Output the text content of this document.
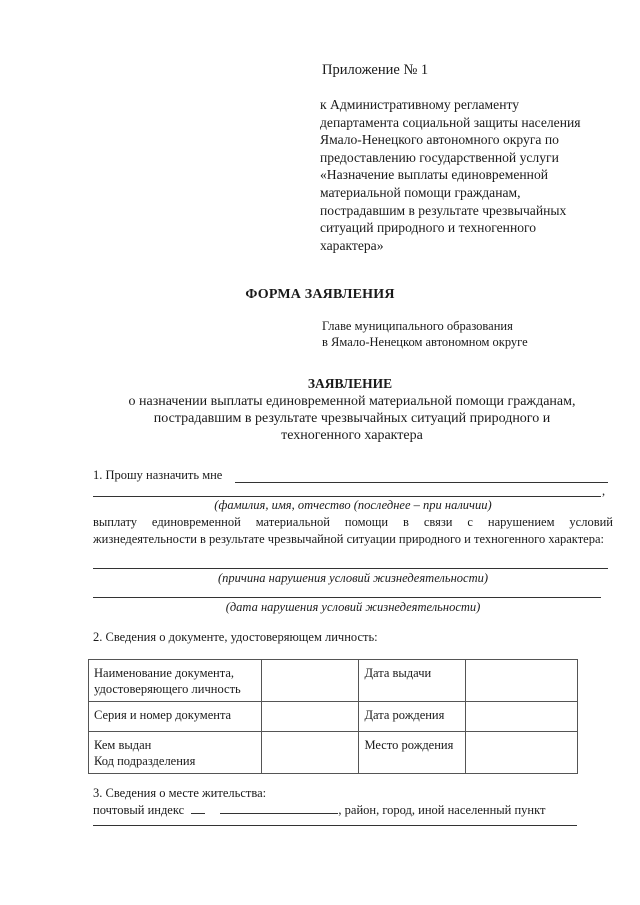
Приложение № 1
к Административному регламенту
департамента социальной защиты населения
Ямало-Ненецкого автономного округа по
предоставлению государственной услуги
«Назначение выплаты единовременной
материальной помощи гражданам,
пострадавшим в результате чрезвычайных
ситуаций природного и техногенного
характера»
ФОРМА ЗАЯВЛЕНИЯ
Главе муниципального образования
в Ямало-Ненецком автономном округе
ЗАЯВЛЕНИЕ
о назначении выплаты единовременной материальной помощи гражданам,
пострадавшим в результате чрезвычайных ситуаций природного и
техногенного характера
1. Прошу назначить мне
,
(фамилия, имя, отчество (последнее – при наличии)
выплату единовременной материальной помощи в связи с нарушением условий жизнедеятельности в результате чрезвычайной ситуации природного и техногенного характера:
(причина нарушения условий жизнедеятельности)
(дата нарушения условий жизнедеятельности)
2. Сведения о документе, удостоверяющем личность:
Наименование документа, удостоверяющего личность		Дата выдачи	
Серия и номер документа		Дата рождения	
Кем выдан
Код подразделения		Место рождения	
3. Сведения о месте жительства:
почтовый индекс	, район, город, иной населенный пункт
